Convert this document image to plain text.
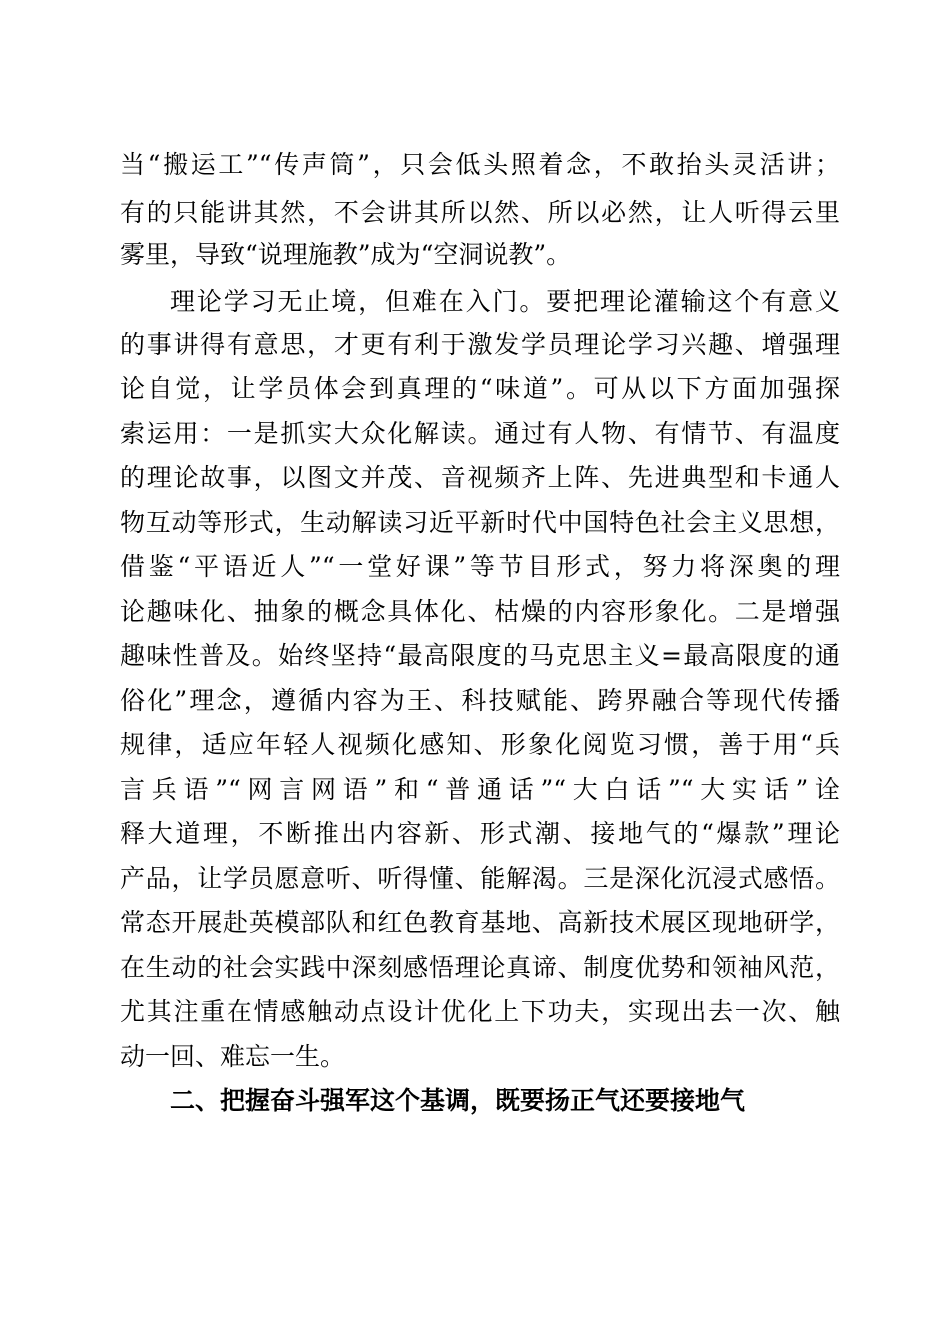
当“搬运工”“传声筒”，只会低头照着念，不敢抬头灵活讲；
有的只能讲其然，不会讲其所以然、所以必然，让人听得云里
雾里，导致“说理施教”成为“空洞说教”。
理论学习无止境，但难在入门。要把理论灌输这个有意义
的事讲得有意思，才更有利于激发学员理论学习兴趣、增强理
论自觉，让学员体会到真理的“味道”。可从以下方面加强探
索运用：一是抓实大众化解读。通过有人物、有情节、有温度
的理论故事，以图文并茂、音视频齐上阵、先进典型和卡通人
物互动等形式，生动解读习近平新时代中国特色社会主义思想，
借鉴“平语近人”“一堂好课”等节目形式，努力将深奥的理
论趣味化、抽象的概念具体化、枯燥的内容形象化。二是增强
趣味性普及。始终坚持“最高限度的马克思主义=最高限度的通
俗化”理念，遵循内容为王、科技赋能、跨界融合等现代传播
规律，适应年轻人视频化感知、形象化阅览习惯，善于用“兵
言兵语”“网言网语”和“普通话”“大白话”“大实话”诠
释大道理，不断推出内容新、形式潮、接地气的“爆款”理论
产品，让学员愿意听、听得懂、能解渴。三是深化沉浸式感悟。
常态开展赴英模部队和红色教育基地、高新技术展区现地研学，
在生动的社会实践中深刻感悟理论真谛、制度优势和领袖风范，
尤其注重在情感触动点设计优化上下功夫，实现出去一次、触
动一回、难忘一生。
二、把握奋斗强军这个基调，既要扬正气还要接地气
